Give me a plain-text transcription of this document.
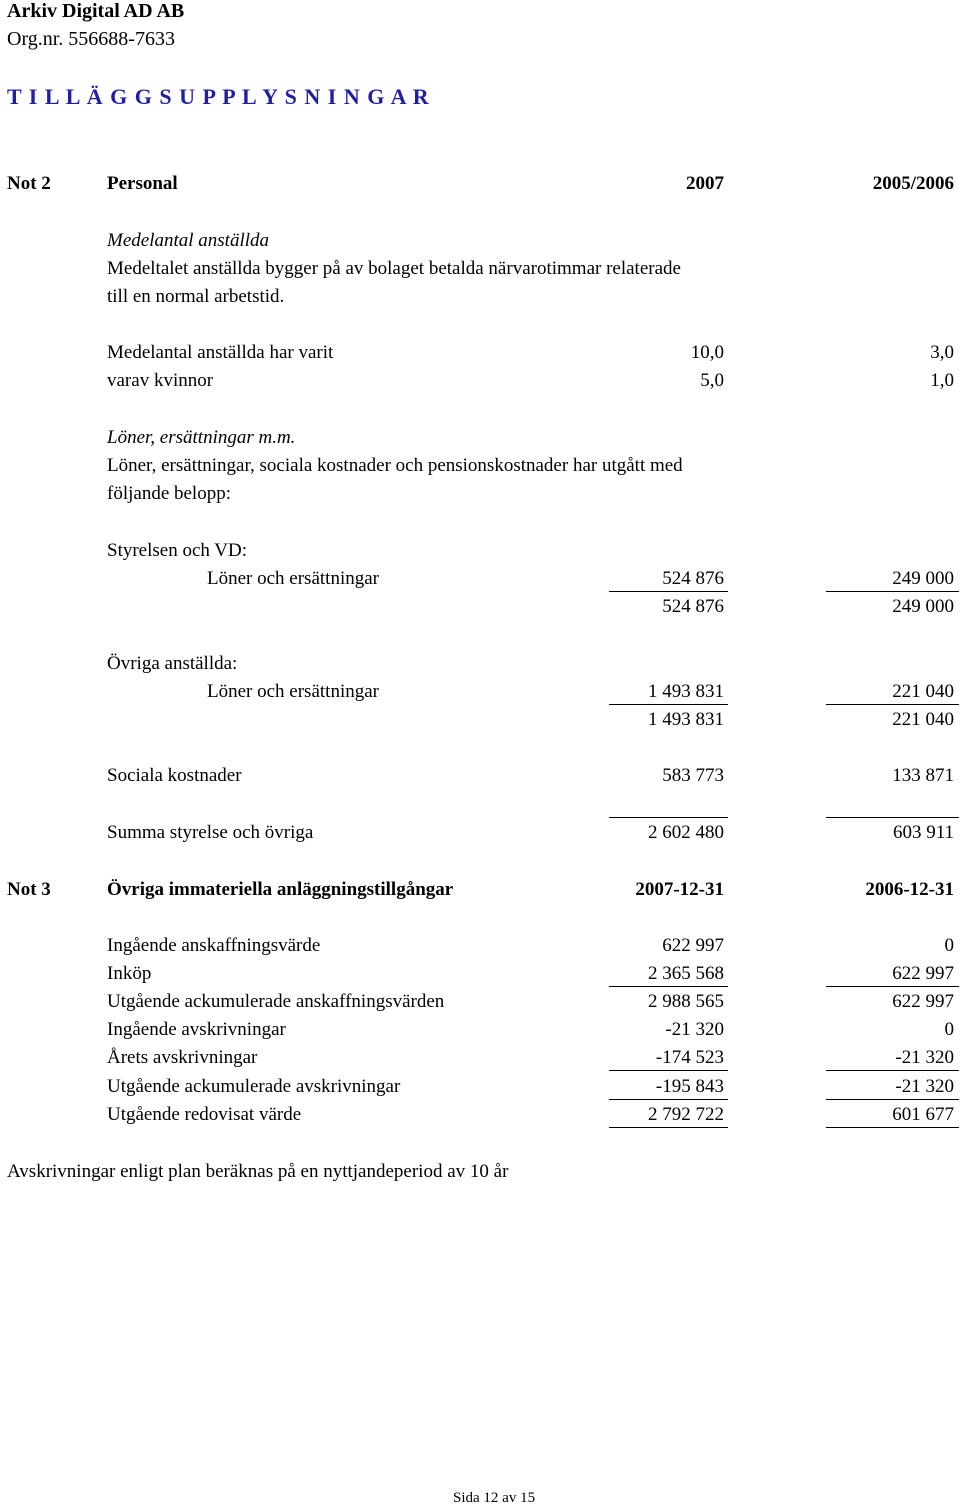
Arkiv Digital AD AB
Org.nr. 556688-7633
T I L L Ä G G S U P P L Y S N I N G A R
Not 2	Personal	2007	2005/2006
Medelantal anställda
Medeltalet anställda bygger på av bolaget betalda närvarotimmar relaterade
till en normal arbetstid.
Medelantal anställda har varit	10,0	3,0
varav kvinnor	5,0	1,0
Löner, ersättningar m.m.
Löner, ersättningar, sociala kostnader och pensionskostnader har utgått med
följande belopp:
Styrelsen och VD:
Löner och ersättningar	524 876	249 000
524 876	249 000
Övriga anställda:
Löner och ersättningar	1 493 831	221 040
1 493 831	221 040
Sociala kostnader	583 773	133 871
Summa styrelse och övriga	2 602 480	603 911
Not 3	Övriga immateriella anläggningstillgångar	2007-12-31	2006-12-31
Ingående anskaffningsvärde	622 997	0
Inköp	2 365 568	622 997
Utgående ackumulerade anskaffningsvärden	2 988 565	622 997
Ingående avskrivningar	-21 320	0
Årets avskrivningar	-174 523	-21 320
Utgående ackumulerade avskrivningar	-195 843	-21 320
Utgående redovisat värde	2 792 722	601 677
Avskrivningar enligt plan beräknas på en nyttjandeperiod av 10 år
Sida 12 av 15
